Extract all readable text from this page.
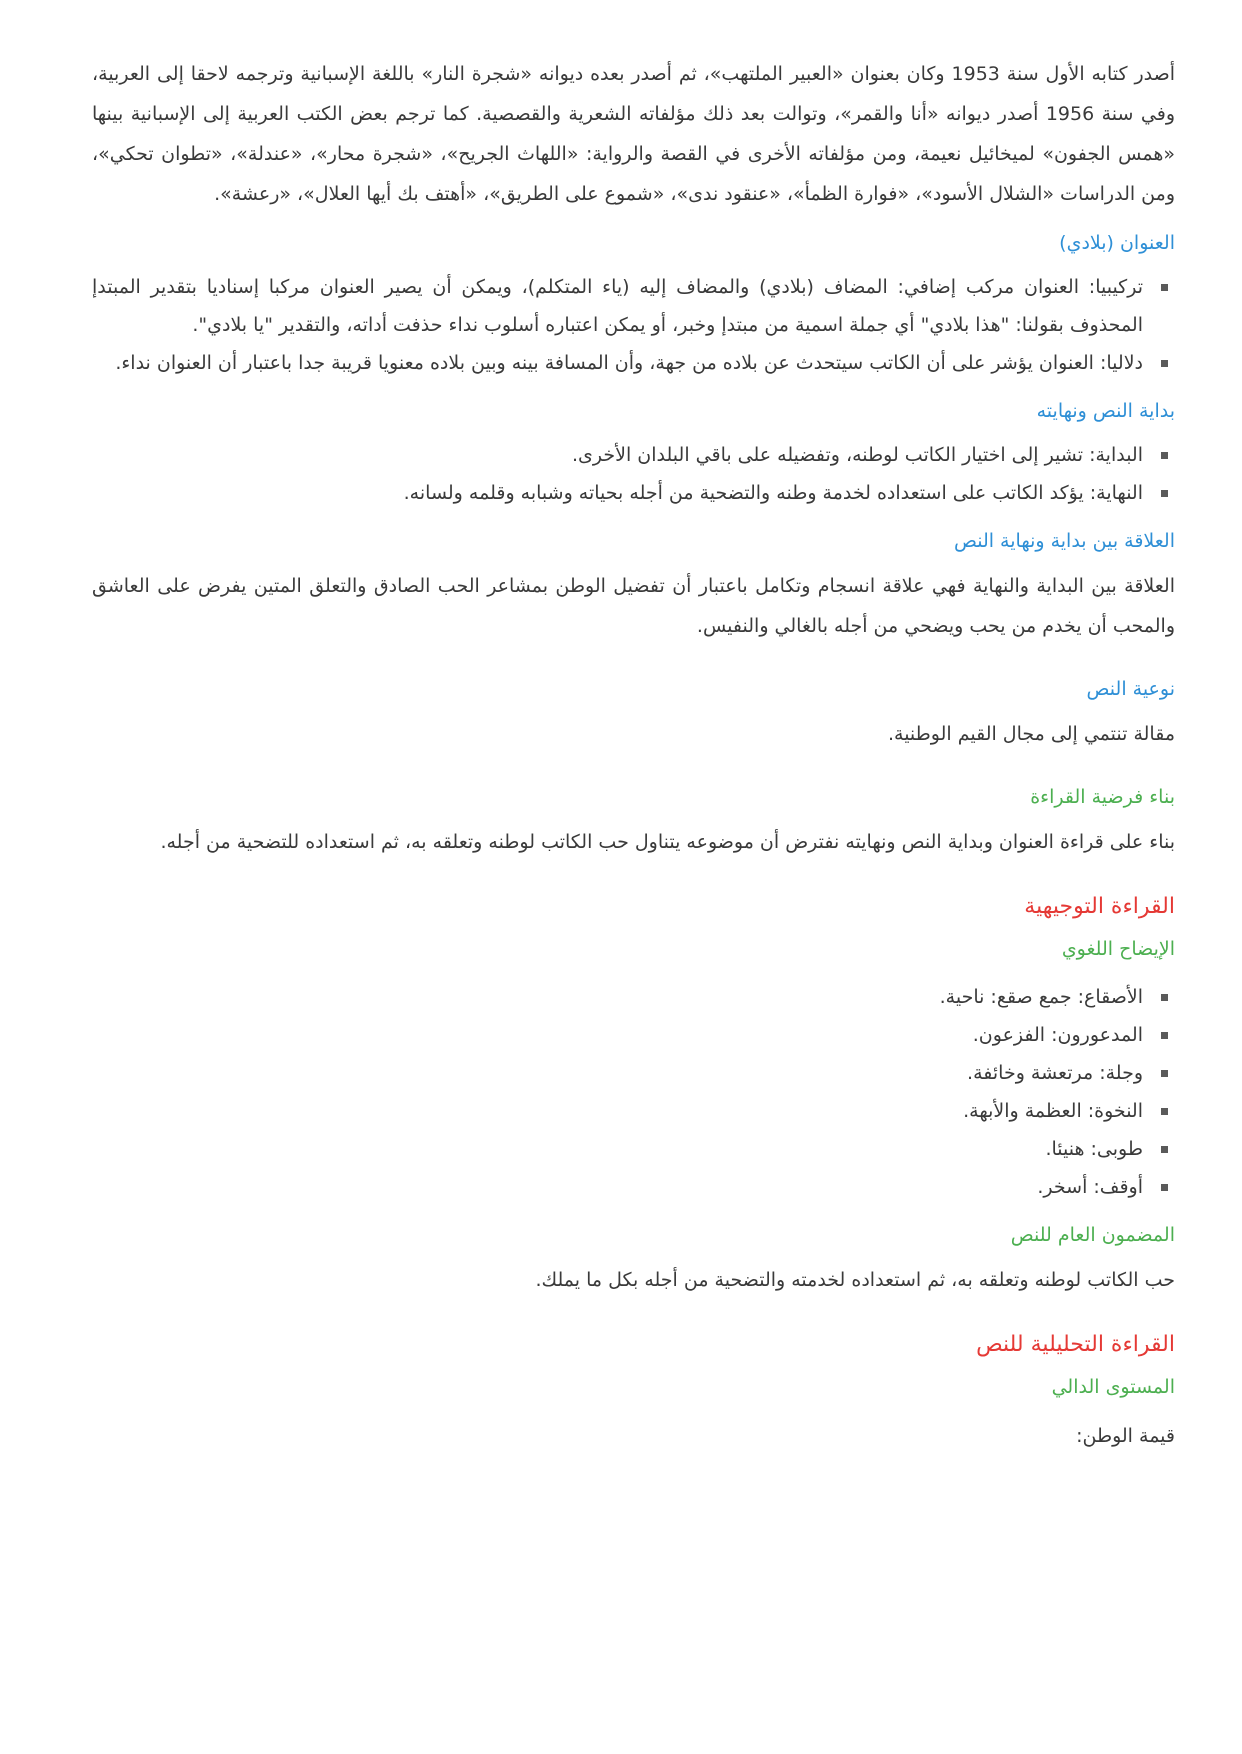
أصدر كتابه الأول سنة 1953 وكان بعنوان «العبير الملتهب»، ثم أصدر بعده ديوانه «شجرة النار» باللغة الإسبانية وترجمه لاحقا إلى العربية، وفي سنة 1956 أصدر ديوانه «أنا والقمر»، وتوالت بعد ذلك مؤلفاته الشعرية والقصصية. كما ترجم بعض الكتب العربية إلى الإسبانية بينها «همس الجفون» لميخائيل نعيمة، ومن مؤلفاته الأخرى في القصة والرواية: «اللهاث الجريح»، «شجرة محار»، «عندلة»، «تطوان تحكي»، ومن الدراسات «الشلال الأسود»، «فوارة الظمأ»، «عنقود ندى»، «شموع على الطريق»، «أهتف بك أيها العلال»، «رعشة».

العنوان (بلادي)
تركيبيا: العنوان مركب إضافي: المضاف (بلادي) والمضاف إليه (ياء المتكلم)، ويمكن أن يصير العنوان مركبا إسناديا بتقدير المبتدإ المحذوف بقولنا: "هذا بلادي" أي جملة اسمية من مبتدإ وخبر، أو يمكن اعتباره أسلوب نداء حذفت أداته، والتقدير "يا بلادي".
دلاليا: العنوان يؤشر على أن الكاتب سيتحدث عن بلاده من جهة، وأن المسافة بينه وبين بلاده معنويا قريبة جدا باعتبار أن العنوان نداء.
بداية النص ونهايته
البداية: تشير إلى اختيار الكاتب لوطنه، وتفضيله على باقي البلدان الأخرى.
النهاية: يؤكد الكاتب على استعداده لخدمة وطنه والتضحية من أجله بحياته وشبابه وقلمه ولسانه.
العلاقة بين بداية ونهاية النص

العلاقة بين البداية والنهاية فهي علاقة انسجام وتكامل باعتبار أن تفضيل الوطن بمشاعر الحب الصادق والتعلق المتين يفرض على العاشق والمحب أن يخدم من يحب ويضحي من أجله بالغالي والنفيس.

نوعية النص

مقالة تنتمي إلى مجال القيم الوطنية.

بناء فرضية القراءة

بناء على قراءة العنوان وبداية النص ونهايته نفترض أن موضوعه يتناول حب الكاتب لوطنه وتعلقه به، ثم استعداده للتضحية من أجله.

القراءة التوجيهية
الإيضاح اللغوي
الأصقاع: جمع صقع: ناحية.
المدعورون: الفزعون.
وجلة: مرتعشة وخائفة.
النخوة: العظمة والأبهة.
طوبى: هنيئا.
أوقف: أسخر.
المضمون العام للنص

حب الكاتب لوطنه وتعلقه به، ثم استعداده لخدمته والتضحية من أجله بكل ما يملك.

القراءة التحليلية للنص
المستوى الدالي

قيمة الوطن:
